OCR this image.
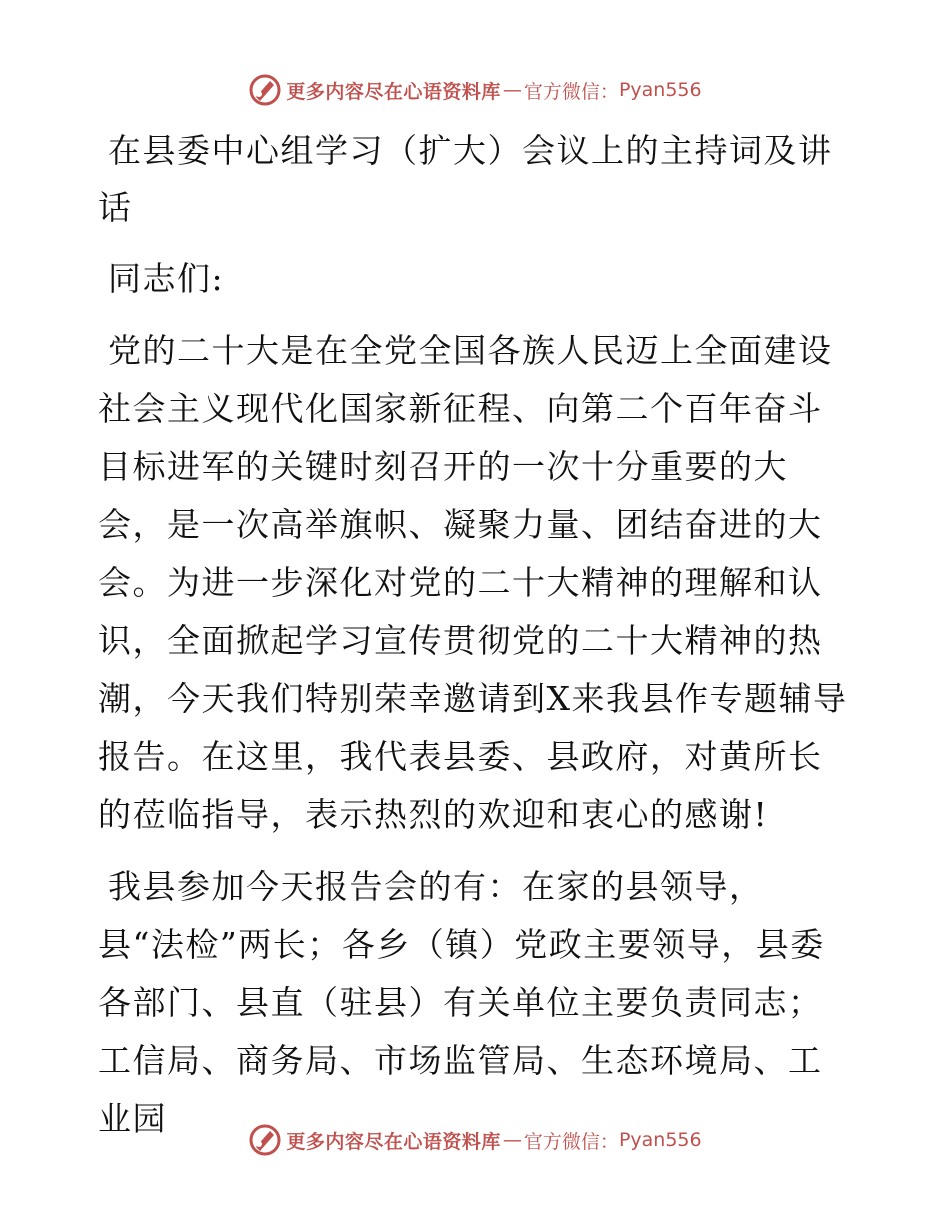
更多内容尽在心语资料库 — 官方微信： Pyan556

在县委中心组学习（扩大）会议上的主持词及讲话

同志们:

党的二十大是在全党全国各族人民迈上全面建设社会主义现代化国家新征程、向第二个百年奋斗目标进军的关键时刻召开的一次十分重要的大会，是一次高举旗帜、凝聚力量、团结奋进的大会。为进一步深化对党的二十大精神的理解和认识，全面掀起学习宣传贯彻党的二十大精神的热潮，今天我们特别荣幸邀请到X来我县作专题辅导报告。在这里，我代表县委、县政府，对黄所长的莅临指导，表示热烈的欢迎和衷心的感谢!

我县参加今天报告会的有：在家的县领导，

县“法检”两长；各乡（镇）党政主要领导，县委各部门、县直（驻县）有关单位主要负责同志；工信局、商务局、市场监管局、生态环境局、工业园

更多内容尽在心语资料库 — 官方微信： Pyan556
